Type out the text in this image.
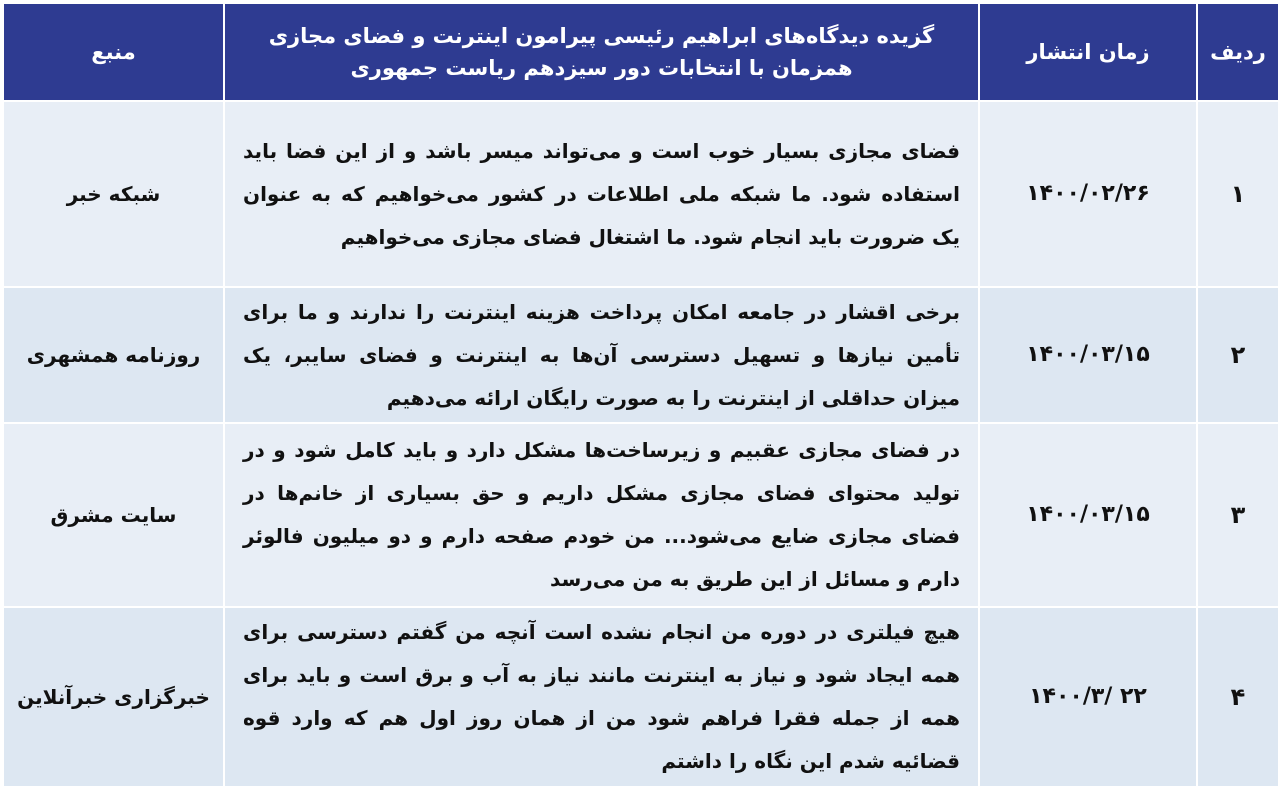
ردیف	زمان انتشار	گزیده دیدگاه‌های ابراهیم رئیسی پیرامون اینترنت و فضای مجازی همزمان با انتخابات دور سیزدهم ریاست جمهوری	منبع
۱	۱۴۰۰/۰۲/۲۶	فضای مجازی بسیار خوب است و می‌تواند میسر باشد و از این فضا باید استفاده شود. ما شبکه ملی اطلاعات در کشور می‌خواهیم که به عنوان یک ضرورت باید انجام شود. ما اشتغال فضای مجازی می‌خواهیم	شبکه خبر
۲	۱۴۰۰/۰۳/۱۵	برخی اقشار در جامعه امکان پرداخت هزینه اینترنت را ندارند و ما برای تأمین نیازها و تسهیل دسترسی آن‌ها به اینترنت و فضای سایبر، یک میزان حداقلی از اینترنت را به صورت رایگان ارائه می‌دهیم	روزنامه همشهری
۳	۱۴۰۰/۰۳/۱۵	در فضای مجازی عقبیم و زیرساخت‌ها مشکل دارد و باید کامل شود و در تولید محتوای فضای مجازی مشکل داریم و حق بسیاری از خانم‌ها در فضای مجازی ضایع می‌شود... من خودم صفحه دارم و دو میلیون فالوئر دارم و مسائل از این طریق به من می‌رسد	سایت مشرق
۴	۱۴۰۰/۳/ ۲۲	هیچ فیلتری در دوره من انجام نشده است آنچه من گفتم دسترسی برای همه ایجاد شود و نیاز به اینترنت مانند نیاز به آب و برق است و باید برای همه از جمله فقرا فراهم شود من از همان روز اول هم که وارد قوه قضائیه شدم این نگاه را داشتم	خبرگزاری خبرآنلاین
